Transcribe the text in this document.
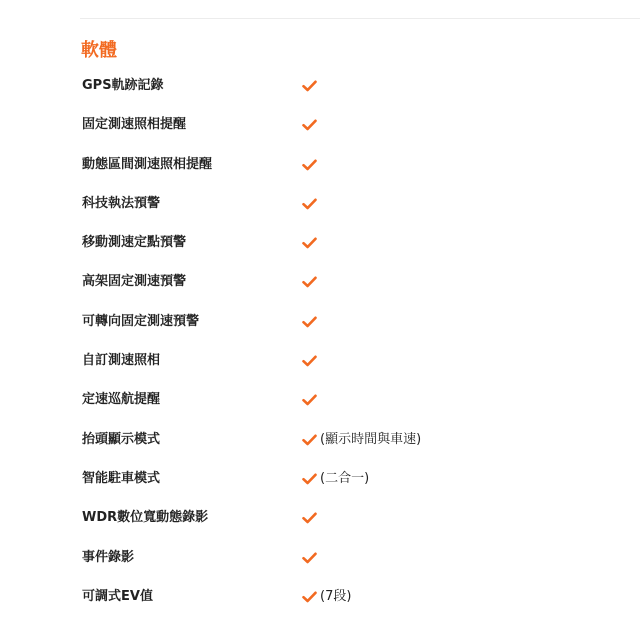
軟體
GPS軌跡記錄
固定測速照相提醒
動態區間測速照相提醒
科技執法預警
移動測速定點預警
高架固定測速預警
可轉向固定測速預警
自訂測速照相
定速巡航提醒
抬頭顯示模式	(顯示時間與車速)
智能駐車模式	(二合一)
WDR數位寬動態錄影
事件錄影
可調式EV值	(7段)
